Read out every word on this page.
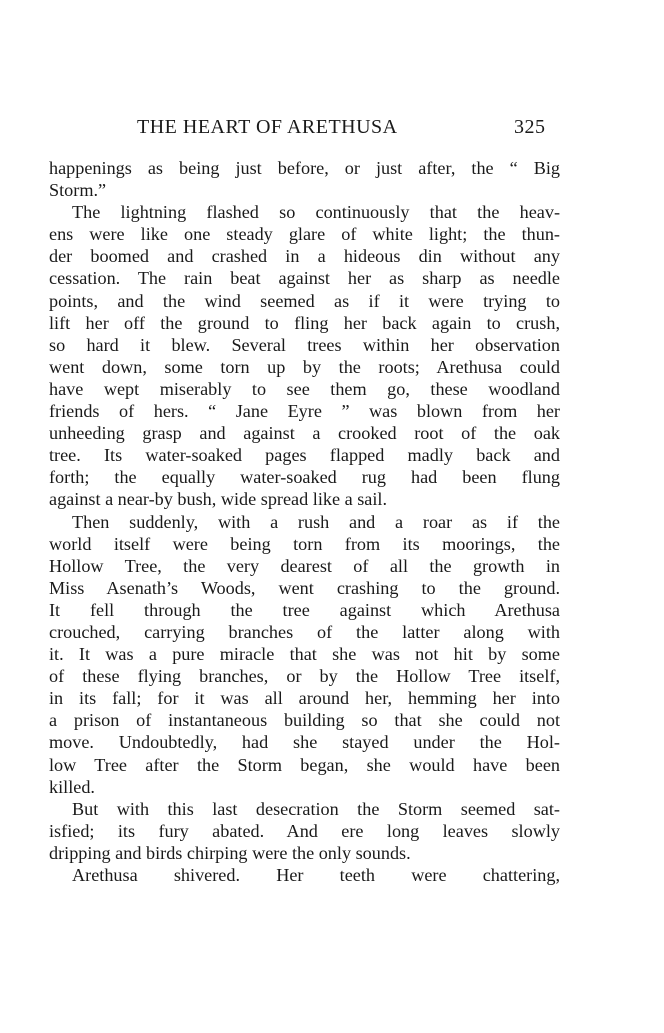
THE HEART OF ARETHUSA	325
happenings as being just before, or just after, the “ Big
Storm.”
The lightning flashed so continuously that the heav-
ens were like one steady glare of white light; the thun-
der boomed and crashed in a hideous din without any
cessation. The rain beat against her as sharp as needle
points, and the wind seemed as if it were trying to
lift her off the ground to fling her back again to crush,
so hard it blew. Several trees within her observation
went down, some torn up by the roots; Arethusa could
have wept miserably to see them go, these woodland
friends of hers. “ Jane Eyre ” was blown from her
unheeding grasp and against a crooked root of the oak
tree. Its water-soaked pages flapped madly back and
forth; the equally water-soaked rug had been flung
against a near-by bush, wide spread like a sail.
Then suddenly, with a rush and a roar as if the
world itself were being torn from its moorings, the
Hollow Tree, the very dearest of all the growth in
Miss Asenath’s Woods, went crashing to the ground.
It fell through the tree against which Arethusa
crouched, carrying branches of the latter along with
it. It was a pure miracle that she was not hit by some
of these flying branches, or by the Hollow Tree itself,
in its fall; for it was all around her, hemming her into
a prison of instantaneous building so that she could not
move. Undoubtedly, had she stayed under the Hol-
low Tree after the Storm began, she would have been
killed.
But with this last desecration the Storm seemed sat-
isfied; its fury abated. And ere long leaves slowly
dripping and birds chirping were the only sounds.
Arethusa shivered. Her teeth were chattering,
